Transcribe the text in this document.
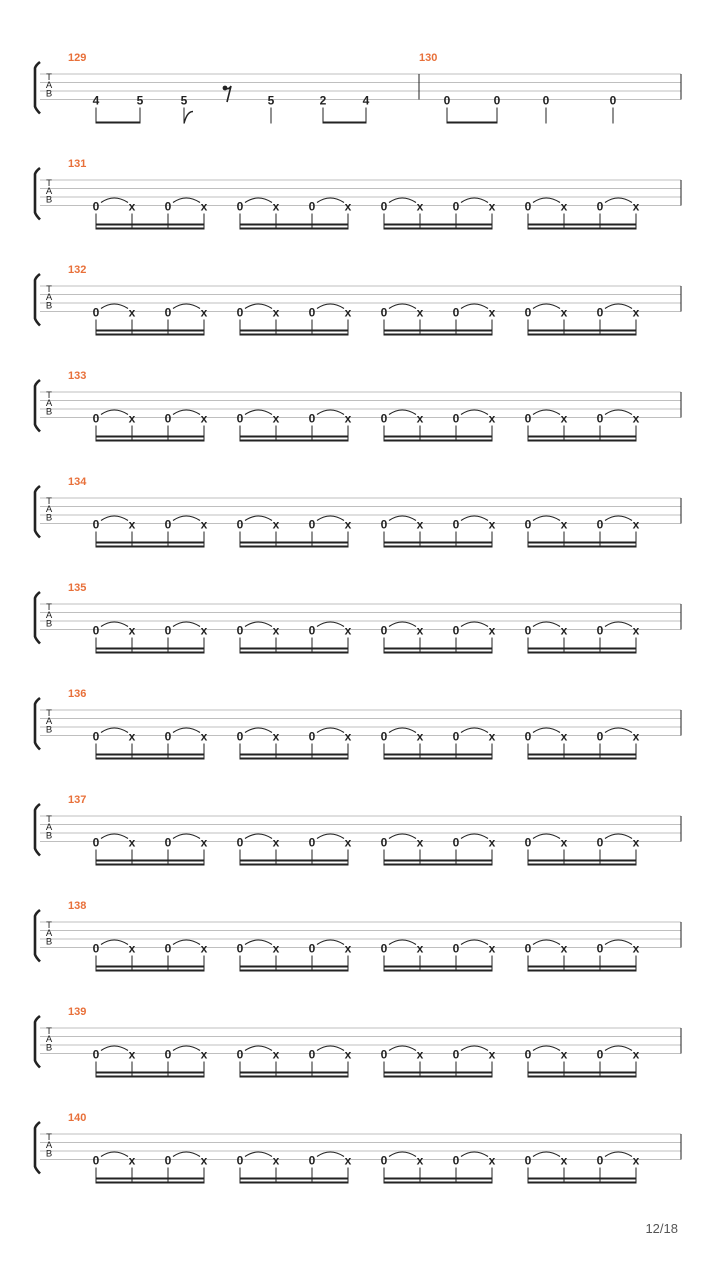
T
A
B
129	130
4	5	5	5	2	4	0	0	0	0
T
A
B
131
0 x 0 x 0 x 0 x 0 x 0 x 0 x 0 x
T
A
B
132
0 x 0 x 0 x 0 x 0 x 0 x 0 x 0 x
T
A
B
133
0 x 0 x 0 x 0 x 0 x 0 x 0 x 0 x
T
A
B
134
0 x 0 x 0 x 0 x 0 x 0 x 0 x 0 x
T
A
B
135
0 x 0 x 0 x 0 x 0 x 0 x 0 x 0 x
T
A
B
136
0 x 0 x 0 x 0 x 0 x 0 x 0 x 0 x
T
A
B
137
0 x 0 x 0 x 0 x 0 x 0 x 0 x 0 x
T
A
B
138
0 x 0 x 0 x 0 x 0 x 0 x 0 x 0 x
T
A
B
139
0 x 0 x 0 x 0 x 0 x 0 x 0 x 0 x
T
A
B
140
0 x 0 x 0 x 0 x 0 x 0 x 0 x 0 x
12/18
